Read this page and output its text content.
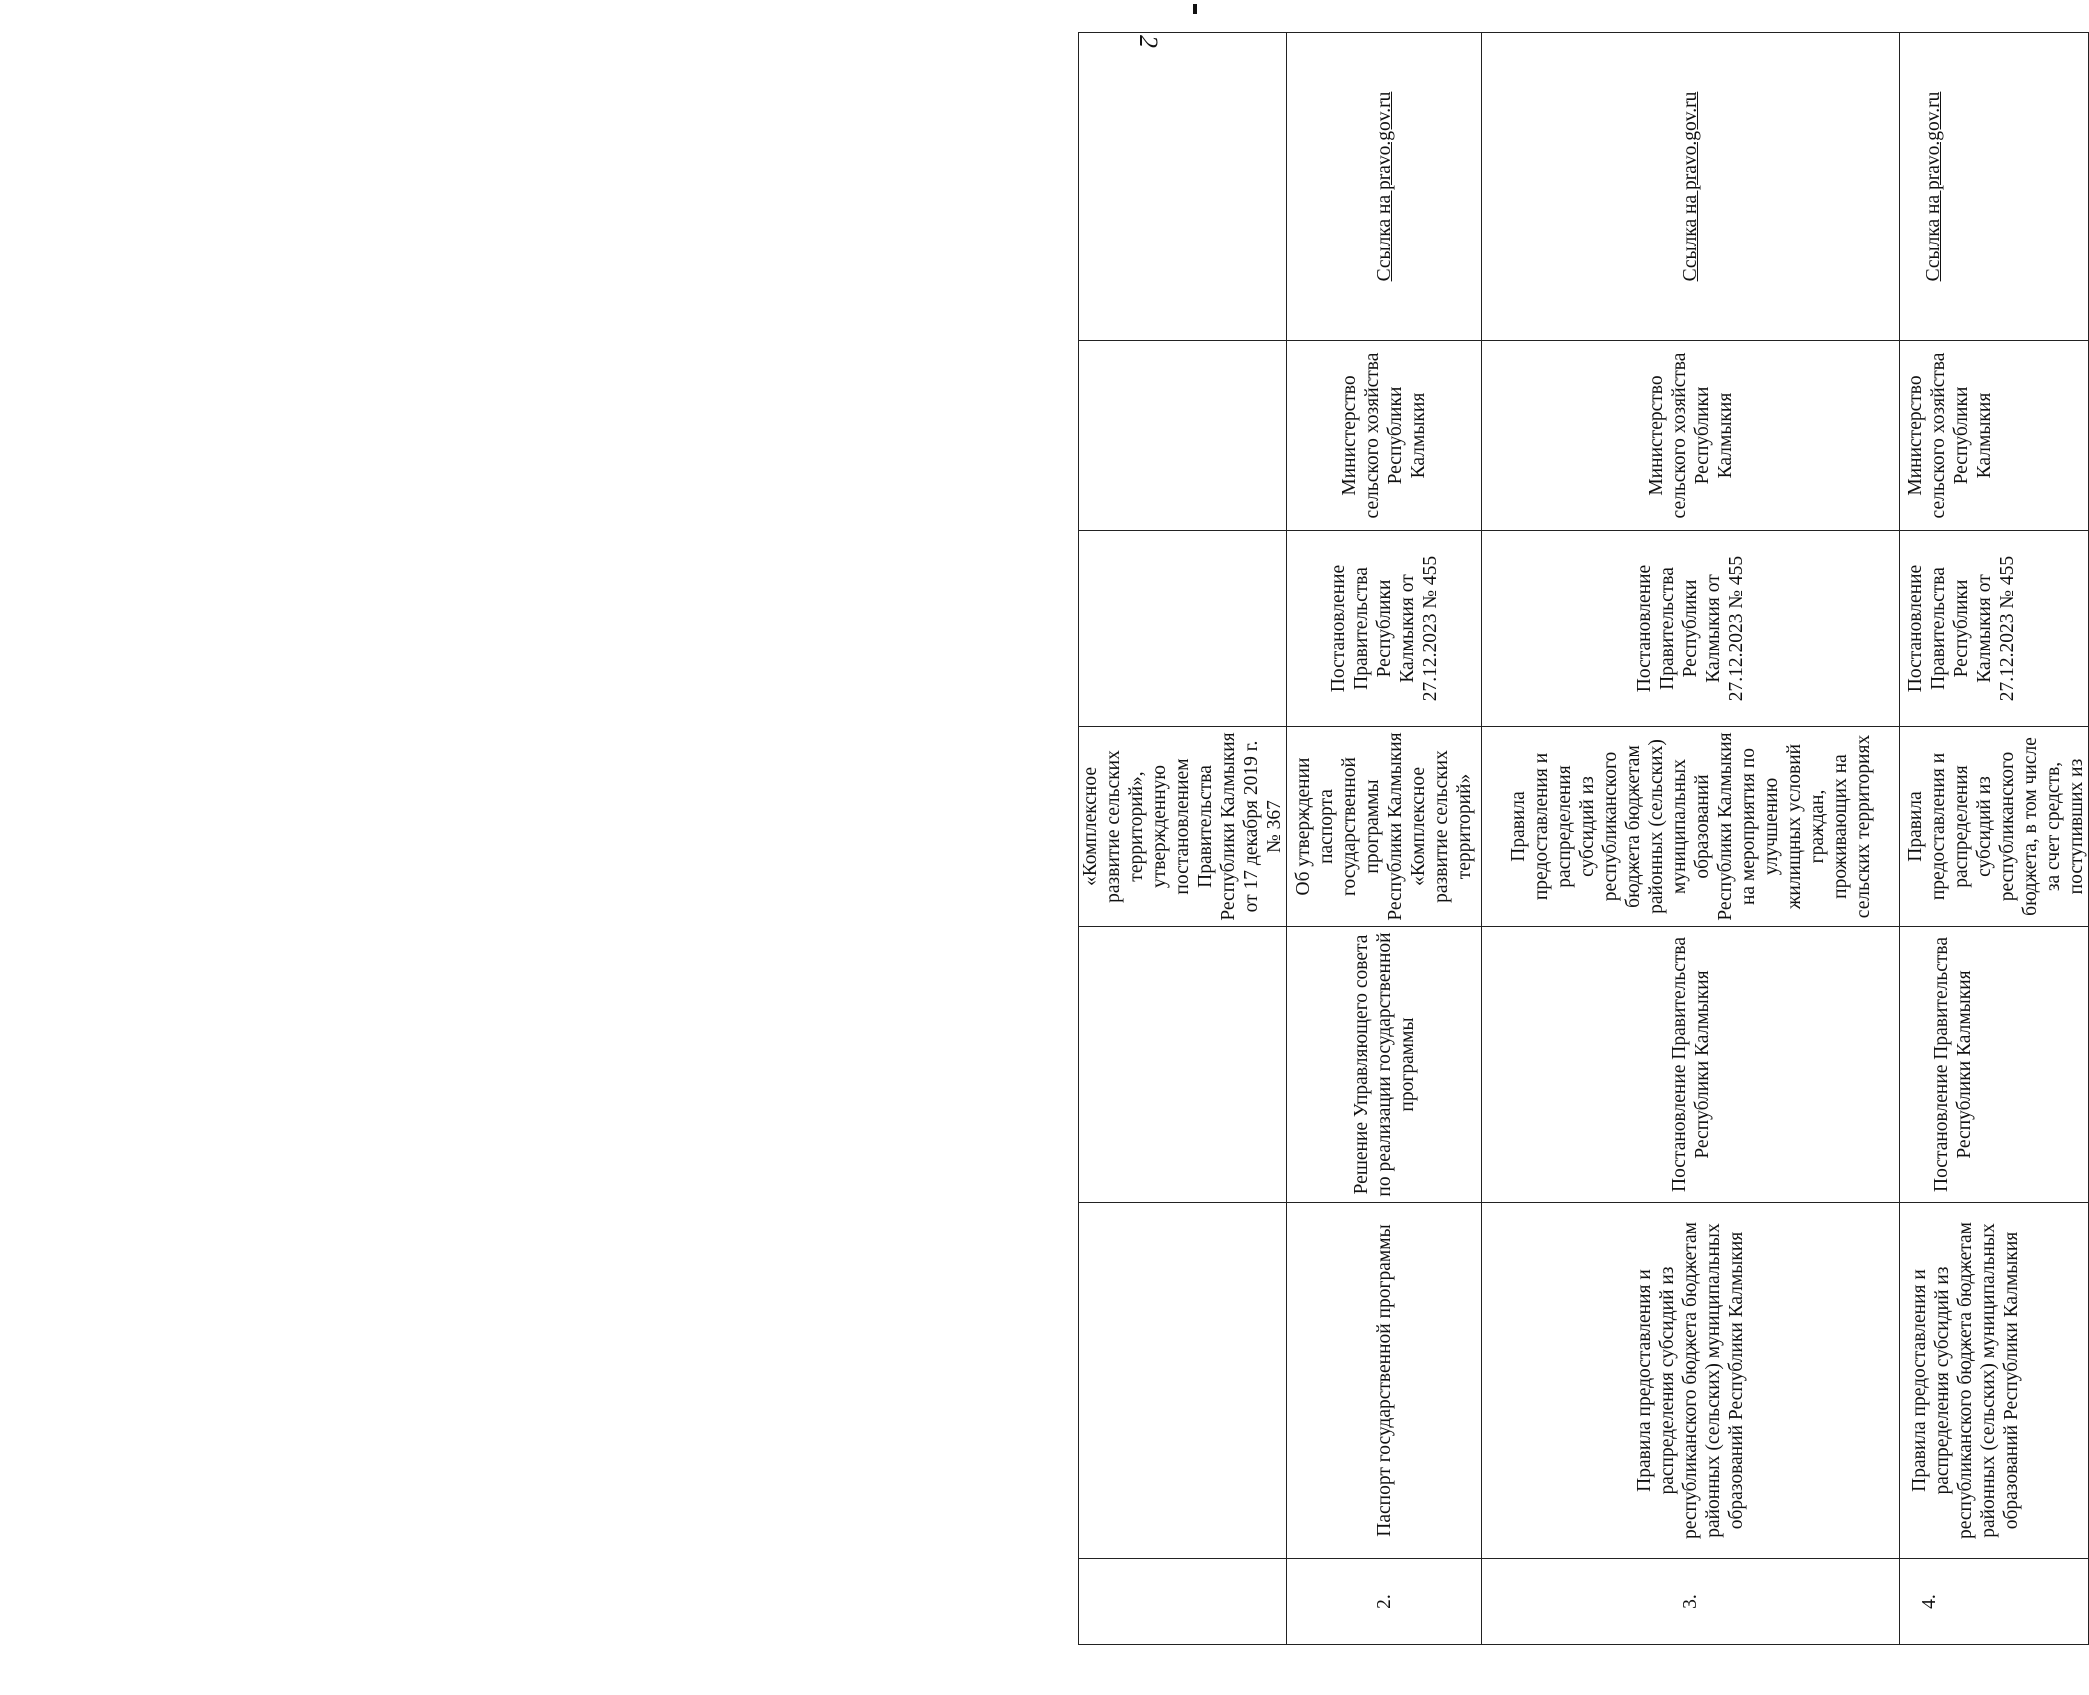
2
			«Комплексное развитие сельских территорий», утвержденную постановлением Правительства Республики Калмыкия от 17 декабря 2019 г. № 367			
2.	Паспорт государственной программы	Решение Управляющего совета по реализации государственной программы	Об утверждении паспорта государственной программы Республики Калмыкия «Комплексное развитие сельских территорий»	Постановление Правительства Республики Калмыкия от 27.12.2023 № 455	Министерство сельского хозяйства Республики Калмыкия	Ссылка на pravo.gov.ru
3.	Правила предоставления и распределения субсидий из республиканского бюджета бюджетам районных (сельских) муниципальных образований Республики Калмыкия	Постановление Правительства Республики Калмыкия	Правила предоставления и распределения субсидий из республиканского бюджета бюджетам районных (сельских) муниципальных образований Республики Калмыкия на мероприятия по улучшению жилищных условий граждан, проживающих на сельских территориях	Постановление Правительства Республики Калмыкия от 27.12.2023 № 455	Министерство сельского хозяйства Республики Калмыкия	Ссылка на pravo.gov.ru
4.	Правила предоставления и распределения субсидий из республиканского бюджета бюджетам районных (сельских) муниципальных образований Республики Калмыкия	Постановление Правительства Республики Калмыкия	Правила предоставления и распределения субсидий из республиканского бюджета, в том числе за счет средств, поступивших из	Постановление Правительства Республики Калмыкия от 27.12.2023 № 455	Министерство сельского хозяйства Республики Калмыкия	Ссылка на pravo.gov.ru
